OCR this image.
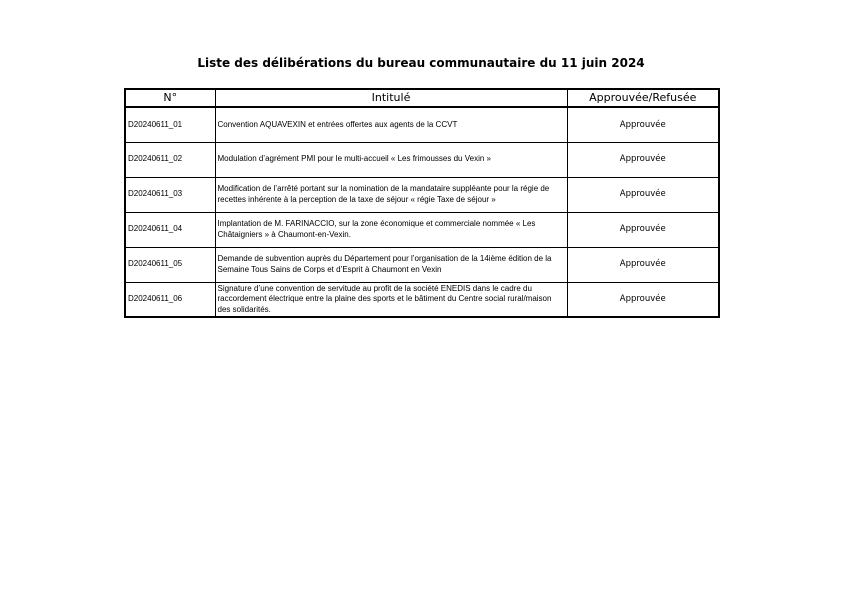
Liste des délibérations du bureau communautaire du 11 juin 2024
N°	Intitulé	Approuvée/Refusée
D20240611_01	Convention AQUAVEXIN et entrées offertes aux agents de la CCVT	Approuvée
D20240611_02	Modulation d’agrément PMI pour le multi-accueil « Les frimousses du Vexin »	Approuvée
D20240611_03	Modification de l’arrêté portant sur la nomination de la mandataire suppléante pour la régie de recettes inhérente à la perception de la taxe de séjour « régie Taxe de séjour »	Approuvée
D20240611_04	Implantation de M. FARINACCIO, sur la zone économique et commerciale nommée « Les Châtaigniers » à Chaumont-en-Vexin.	Approuvée
D20240611_05	Demande de subvention auprès du Département pour l’organisation de la 14ième édition de la Semaine Tous Sains de Corps et d’Esprit à Chaumont en Vexin	Approuvée
D20240611_06	Signature d’une convention de servitude au profit de la société ENEDIS dans le cadre du raccordement électrique entre la plaine des sports et le bâtiment du Centre social rural/maison des solidarités.	Approuvée
